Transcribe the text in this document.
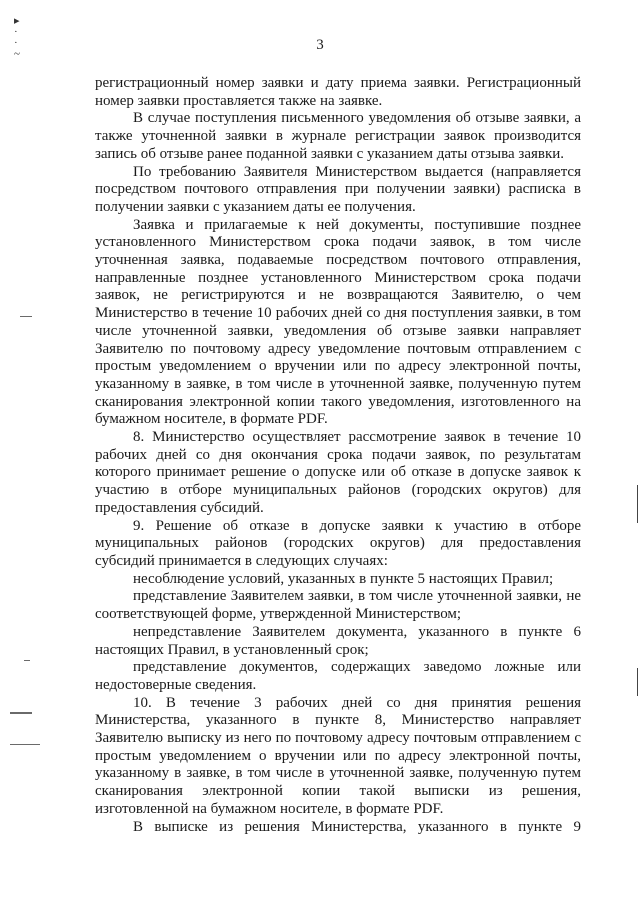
▸
·
·
~
3

регистрационный номер заявки и дату приема заявки. Регистрационный номер заявки проставляется также на заявке.

В случае поступления письменного уведомления об отзыве заявки, а также уточненной заявки в журнале регистрации заявок производится запись об отзыве ранее поданной заявки с указанием даты отзыва заявки.

По требованию Заявителя Министерством выдается (направляется посредством почтового отправления при получении заявки) расписка в получении заявки с указанием даты ее получения.

Заявка и прилагаемые к ней документы, поступившие позднее установленного Министерством срока подачи заявок, в том числе уточненная заявка, подаваемые посредством почтового отправления, направленные позднее установленного Министерством срока подачи заявок, не регистрируются и не возвращаются Заявителю, о чем Министерство в течение 10 рабочих дней со дня поступления заявки, в том числе уточненной заявки, уведомления об отзыве заявки направляет Заявителю по почтовому адресу уведомление почтовым отправлением с простым уведомлением о вручении или по адресу электронной почты, указанному в заявке, в том числе в уточненной заявке, полученную путем сканирования электронной копии такого уведомления, изготовленного на бумажном носителе, в формате PDF.

8. Министерство осуществляет рассмотрение заявок в течение 10 рабочих дней со дня окончания срока подачи заявок, по результатам которого принимает решение о допуске или об отказе в допуске заявок к участию в отборе муниципальных районов (городских округов) для предоставления субсидий.

9. Решение об отказе в допуске заявки к участию в отборе муниципальных районов (городских округов) для предоставления субсидий принимается в следующих случаях:

несоблюдение условий, указанных в пункте 5 настоящих Правил;

представление Заявителем заявки, в том числе уточненной заявки, не соответствующей форме, утвержденной Министерством;

непредставление Заявителем документа, указанного в пункте 6 настоящих Правил, в установленный срок;

представление документов, содержащих заведомо ложные или недостоверные сведения.

10. В течение 3 рабочих дней со дня принятия решения Министерства, указанного в пункте 8, Министерство направляет Заявителю выписку из него по почтовому адресу почтовым отправлением с простым уведомлением о вручении или по адресу электронной почты, указанному в заявке, в том числе в уточненной заявке, полученную путем сканирования электронной копии такой выписки из решения, изготовленной на бумажном носителе, в формате PDF.

В выписке из решения Министерства, указанного в пункте 9
